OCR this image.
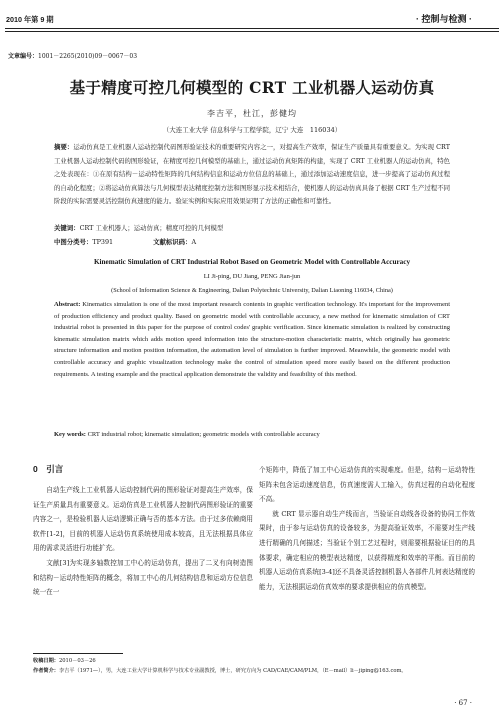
2010 年第 9 期	· 控制与检测 ·
文章编号：1001－2265(2010)09－0067－03
基于精度可控几何模型的 CRT 工业机器人运动仿真
李吉平，杜江，彭健均
（大连工业大学 信息科学与工程学院，辽宁 大连　116034）
摘要：运动仿真是工业机器人运动控制代码图形验证技术的重要研究内容之一，对提高生产效率，保证生产质量具有重要意义。为实现 CRT 工业机器人运动控制代码的图形验证，在精度可控几何模型的基础上，通过运动仿真矩阵的构建，实现了 CRT 工业机器人的运动仿真，特色之处表现在：①在原有结构－运动特性矩阵的几何结构信息和运动方位信息的基础上，通过添加运动速度信息，进一步提高了运动仿真过程的自动化程度；②将运动仿真算法与几何模型表达精度控制方法和图形显示技术相结合，使机器人的运动仿真具备了根据 CRT 生产过程不同阶段的实际需要灵活控制仿真速度的能力。验证实例和实际应用效果证明了方法的正确性和可靠性。
关键词：CRT 工业机器人；运动仿真；精度可控的几何模型
中图分类号：TP391	文献标识码：A
Kinematic Simulation of CRT Industrial Robot Based on Geometric Model with Controllable Accuracy
LI Ji-ping, DU Jiang, PENG Jian-jun
(School of Information Science & Engineering, Dalian Polytechnic University, Dalian Liaoning 116034, China)
Abstract: Kinematics simulation is one of the most important research contents in graphic verification technology. It's important for the improvement of production efficiency and product quality. Based on geometric model with controllable accuracy, a new method for kinematic simulation of CRT industrial robot is presented in this paper for the purpose of control codes' graphic verification. Since kinematic simulation is realized by constructing kinematic simulation matrix which adds motion speed information into the structure-motion characteristic matrix, which originally has geometric structure information and motion position information, the automation level of simulation is further improved. Meanwhile, the geometric model with controllable accuracy and graphic visualization technology make the control of simulation speed more easily based on the different production requirements. A testing example and the practical application demonstrate the validity and feasibility of this method.
Key words: CRT industrial robot; kinematic simulation; geometric models with controllable accuracy
0　引言
自动生产线上工业机器人运动控制代码的图形验证对提高生产效率，保证生产质量具有重要意义。运动仿真是工业机器人控制代码图形验证的重要内容之一，是检验机器人运动逻辑正确与否的基本方法。由于过多依赖商用软件[1-2]，目前的机器人运动仿真系统使用成本较高，且无法根据具体应用的需求灵活进行功能扩充。
文献[3]为实现多轴数控加工中心的运动仿真，提出了二叉有向树造图和结构－运动特性矩阵的概念，将加工中心的几何结构信息和运动方位信息统一在一
个矩阵中，降低了加工中心运动仿真的实现难度。但是，结构－运动特性矩阵未包含运动速度信息，仿真速度需人工输入，仿真过程的自动化程度不高。
就 CRT 显示器自动生产线而言，当验证自动线各设备的协同工作效果时，由于参与运动仿真的设备较多，为提高验证效率，不需要对生产线进行精确的几何描述；当验证个别工艺过程时，则需要根据验证目的的具体要求，确定相应的模型表达精度，以获得精度和效率的平衡。而目前的机器人运动仿真系统[3-4]还不具备灵活控制机器人各部件几何表达精度的能力，无法根据运动仿真效率的要求提供相应的仿真模型。
收稿日期：2010－03－26
作者简介：李吉平（1971—），男，大连工业大学计算机科学与技术专业副教授，博士，研究方向为 CAD/CAE/CAM/PLM，（E－mail）li－jiping@163.com。
· 67 ·
